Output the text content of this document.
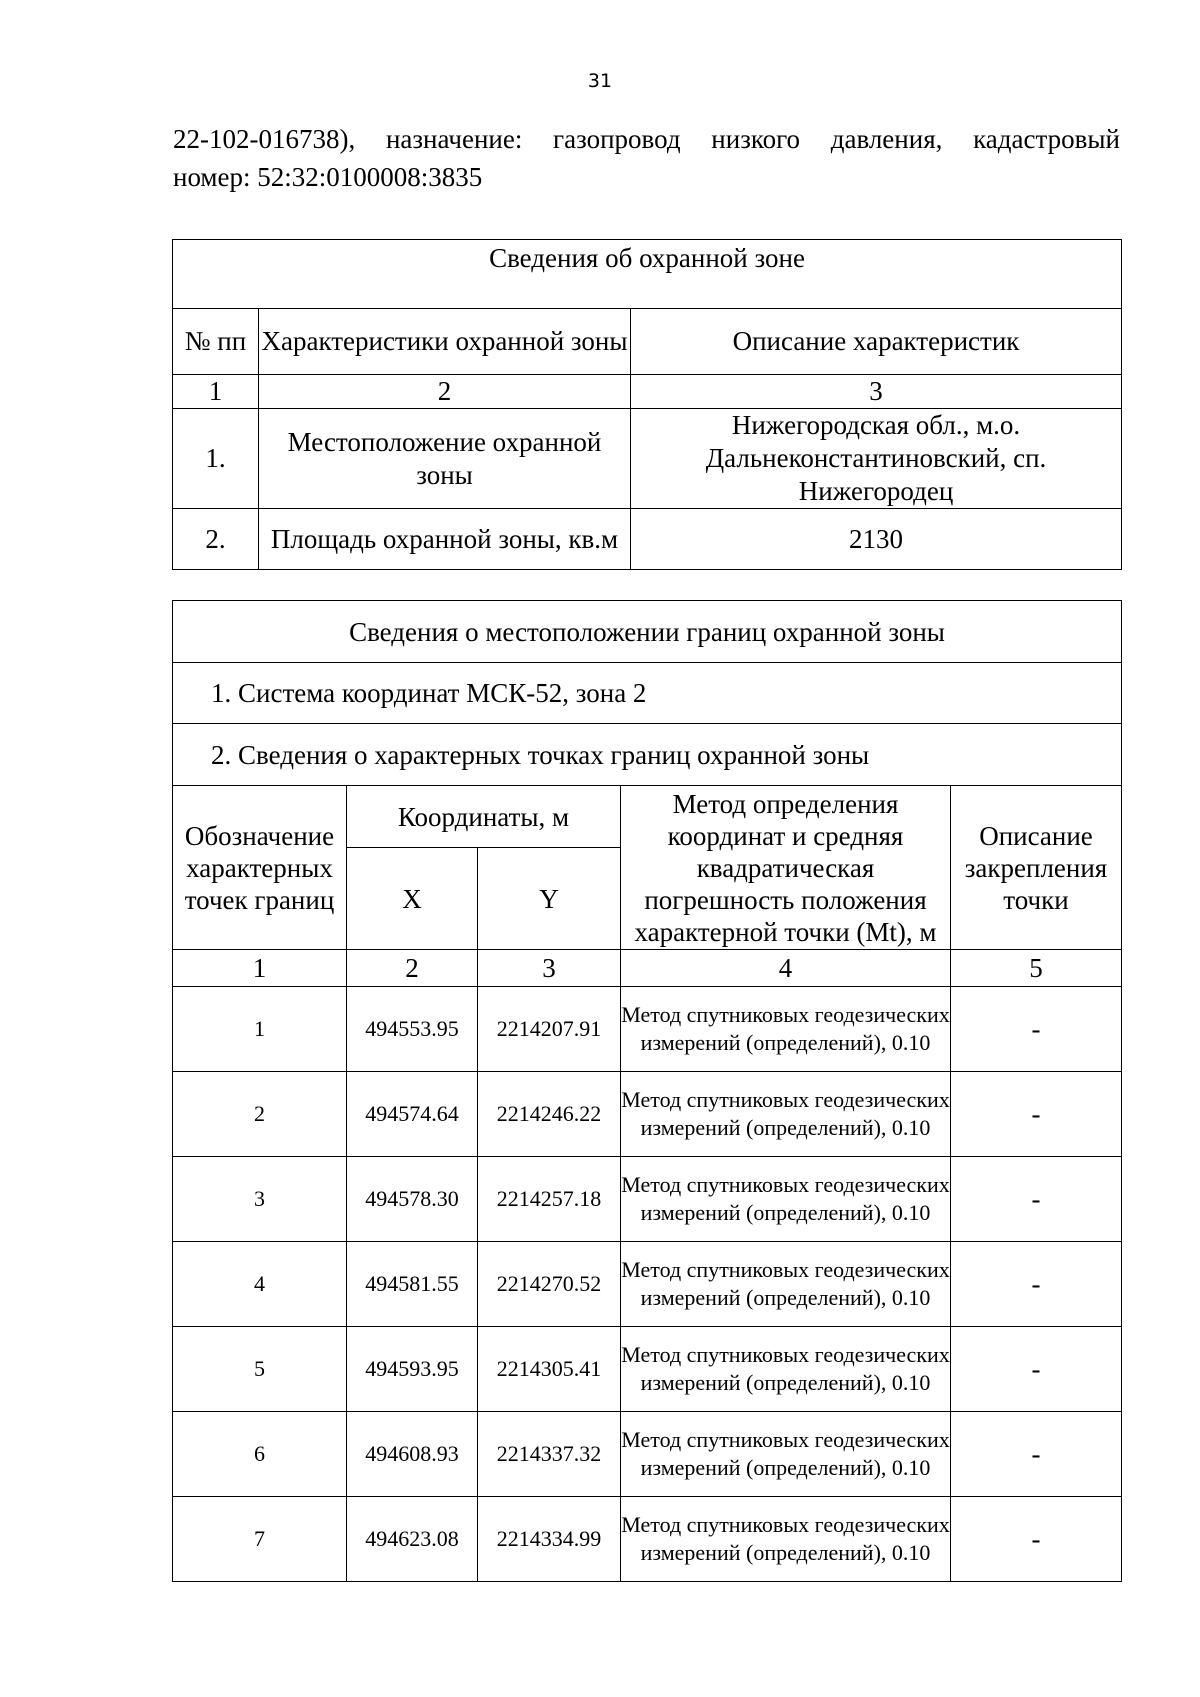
31
22-102-016738), назначение: газопровод низкого давления, кадастровый
номер: 52:32:0100008:3835
Сведения об охранной зоне		
№ пп	Характеристики охранной зоны	Описание характеристик
1	2	3
1.	Местоположение охранной зоны	Нижегородская обл., м.о. Дальнеконстантиновский, сп. Нижегородец
2.	Площадь охранной зоны, кв.м	2130
Сведения о местоположении границ охранной зоны				
1. Система координат МСК-52, зона 2				
2. Сведения о характерных точках границ охранной зоны				
Обозначение характерных точек границ	Координаты, м		Метод определения координат и средняя квадратическая погрешность положения характерной точки (Mt), м	Описание закрепления точки
	X	Y		
1	2	3	4	5
1	494553.95	2214207.91	Метод спутниковых геодезических измерений (определений), 0.10	-
2	494574.64	2214246.22	Метод спутниковых геодезических измерений (определений), 0.10	-
3	494578.30	2214257.18	Метод спутниковых геодезических измерений (определений), 0.10	-
4	494581.55	2214270.52	Метод спутниковых геодезических измерений (определений), 0.10	-
5	494593.95	2214305.41	Метод спутниковых геодезических измерений (определений), 0.10	-
6	494608.93	2214337.32	Метод спутниковых геодезических измерений (определений), 0.10	-
7	494623.08	2214334.99	Метод спутниковых геодезических измерений (определений), 0.10	-
